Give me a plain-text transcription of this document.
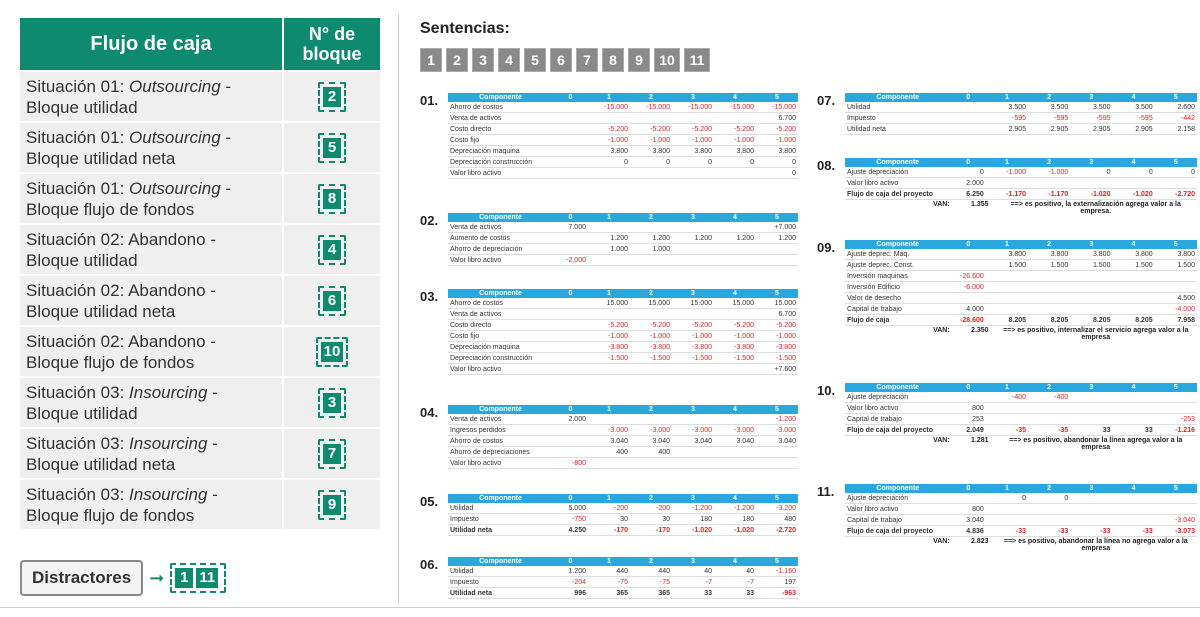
Flujo de caja	N° de bloque
Situación 01: Outsourcing -
Bloque utilidad	2
Situación 01: Outsourcing -
Bloque utilidad neta	5
Situación 01: Outsourcing -
Bloque flujo de fondos	8
Situación 02: Abandono -
Bloque utilidad	4
Situación 02: Abandono -
Bloque utilidad neta	6
Situación 02: Abandono -
Bloque flujo de fondos	10
Situación 03: Insourcing -
Bloque utilidad	3
Situación 03: Insourcing -
Bloque utilidad neta	7
Situación 03: Insourcing -
Bloque flujo de fondos	9
Distractores	➞	1 11
Sentencias:
1	2	3	4	5	6	7	8	9	10	11
01.	Componente	0	1	2	3	4	5
Ahorro de costos		-15.000	-15.000	-15.000	-15.000	-15.000
Venta de activos						6.700
Costo directo		-5.200	-5.200	-5.200	-5.200	-5.200
Costo fijo		-1.000	-1.000	-1.000	-1.000	-1.000
Depreciación maquina		3.800	3.800	3.800	3.800	3.800
Depreciación construcción		0	0	0	0	0
Valor libro activo						0
02.	Componente	0	1	2	3	4	5
Venta de activos	7.000					+7.000
Aumento de costos		1.200	1.200	1.200	1.200	1.200
Ahorro de depreciación		1.000	1.000			
Valor libro activo	-2.000					
03.	Componente	0	1	2	3	4	5
Ahorro de costos		15.000	15.000	15.000	15.000	15.000
Venta de activos						6.700
Costo directo		-5.200	-5.200	-5.200	-5.200	-5.200
Costo fijo		-1.000	-1.000	-1.000	-1.000	-1.000
Depreciación maquina		-3.800	-3.800	-3.800	-3.800	-3.800
Depreciación construcción		-1.500	-1.500	-1.500	-1.500	-1.500
Valor libro activo						+7.600
04.	Componente	0	1	2	3	4	5
Venta de activos	2.000					-1.200
Ingresos perdidos		-3.000	-3.000	-3.000	-3.000	-3.000
Ahorro de costos		3.040	3.040	3.040	3.040	3.040
Ahorro de depreciaciones		400	400			
Valor libro activo	-800					
05.	Componente	0	1	2	3	4	5
Utilidad	5.000	-200	-200	-1.200	-1.200	-3.200
Impuesto	-750	30	30	180	180	480
Utilidad neta	4.250	-170	-170	-1.020	-1.020	-2.720
06.	Componente	0	1	2	3	4	5
Utilidad	1.200	440	440	40	40	-1.160
Impuesto	-204	-75	-75	-7	-7	197
Utilidad neta	996	365	365	33	33	-963
07.	Componente	0	1	2	3	4	5
Utilidad		3.500	3.500	3.500	3.500	2.600
Impuesto		-595	-595	-595	-595	-442
Utilidad neta		2.905	2.905	2.905	2.905	2.158
08.	Componente	0	1	2	3	4	5
Ajuste depreciación	0	-1.000	-1.000	0	0	0
Valor libro activo	2.000					
Flujo de caja del proyecto	6.250	-1.170	-1.170	-1.020	-1.020	-2.720
VAN:	1.355	==> es positivo, la externalización agrega valor a la empresa.
09.	Componente	0	1	2	3	4	5
Ajuste deprec. Maq.		3.800	3.800	3.800	3.800	3.800
Ajuste deprec. Const.		1.500	1.500	1.500	1.500	1.500
Inversión maquinas	-26.600					
Inversión Edificio	-6.000					
Valor de desecho						4.500
Capital de trabajo	4.000					-4.000
Flujo de caja	-28.600	8.205	8.205	8.205	8.205	7.958
VAN:	2.350	==> es positivo, internalizar el servicio agrega valor a la empresa
10.	Componente	0	1	2	3	4	5
Ajuste depreciación		-400	-400			
Valor libro activo	800					
Capital de trabajo	253					-253
Flujo de caja del proyecto	2.049	-35	-35	33	33	-1.216
VAN:	1.281	==> es positivo, abandonar la línea agrega valor a la empresa
11.	Componente	0	1	2	3	4	5
Ajuste depreciación		0	0			
Valor libro activo	800					
Capital de trabajo	3.040					-3.040
Flujo de caja del proyecto	4.836	-33	-33	-33	-33	-3.073
VAN:	2.823	==> es positivo, abandonar la línea no agrega valor a la empresa
